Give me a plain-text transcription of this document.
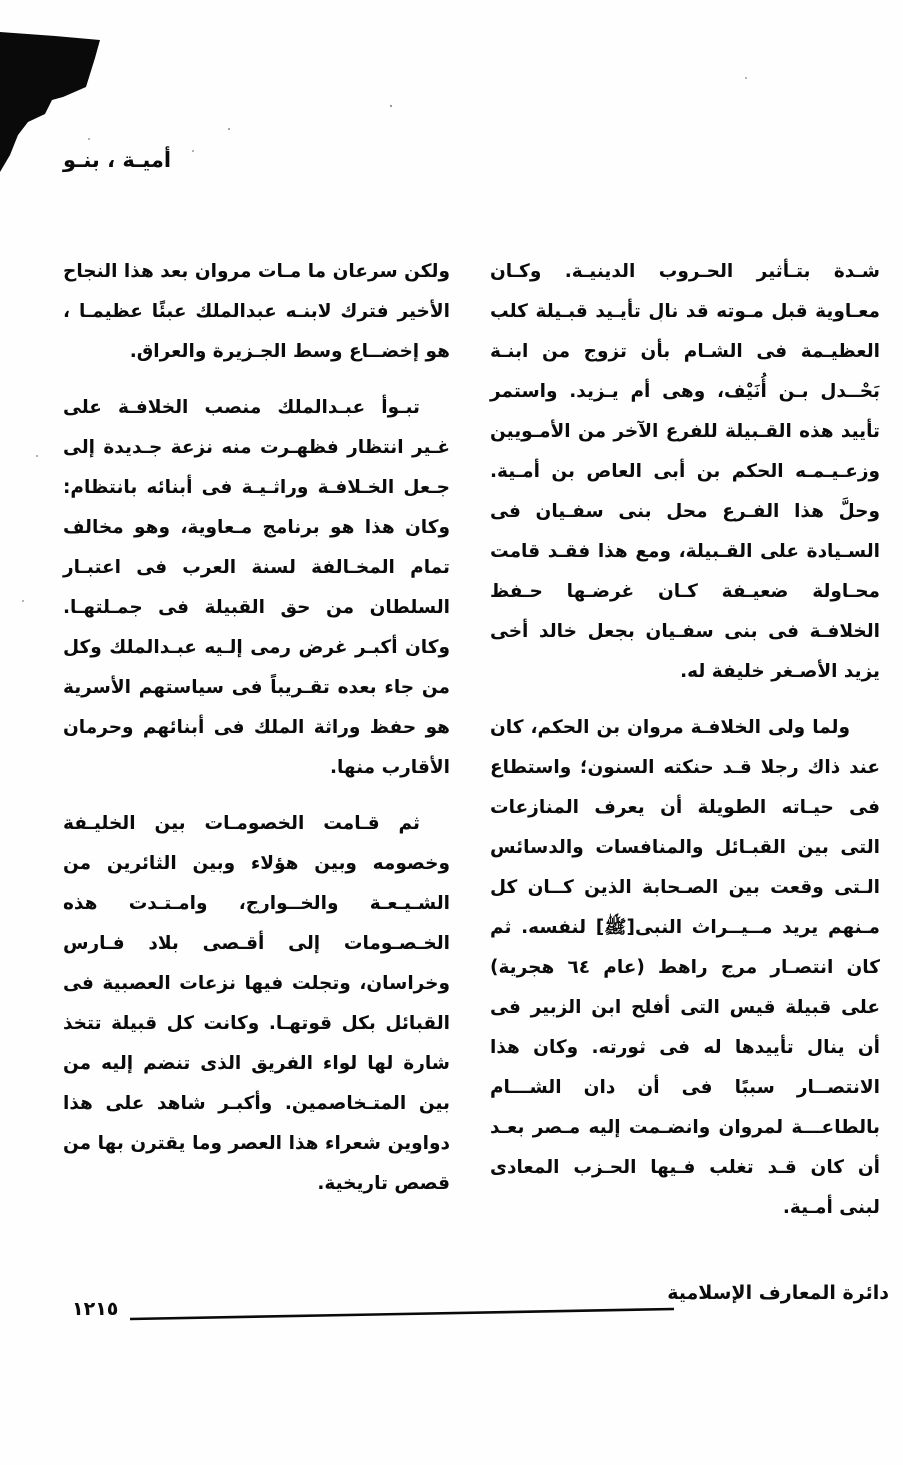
أميـة ، بنـو

شـدة بتـأثير الحـروب الدينيـة. وكـان معـاوية قبل مـوته قد نال تأيـيد قبـيلة كلب العظيـمة فى الشـام بأن تزوج من ابنـة بَحْــدل بـن أُنَيْف، وهى أم يـزيد. واستمر تأييد هذه القـبيلة للفرع الآخر من الأمـويين وزعـيـمـه الحكم بن أبى العاص بن أمـية. وحلَّ هذا الفـرع محل بنى سفـيان فى السـيادة على القـبيلة، ومع هذا فقـد قامت محـاولة ضعيـفة كـان غرضـها حـفظ الخلافـة فى بنى سفـيان بجعل خالد أخى يزيد الأصـغر خليفة له.

ولما ولى الخلافـة مروان بن الحكم، كان عند ذاك رجلا قـد حنكته السنون؛ واستطاع فى حيـاته الطويلة أن يعرف المنازعات التى بين القبـائل والمنافسات والدسائس الـتى وقعت بين الصـحابة الذين كــان كل مـنهم يريد مــيــراث النبى[ﷺ] لنفسه. ثم كان انتصـار مرج راهط (عام ٦٤ هجرية) على قبيلة قيس التى أفلح ابن الزبير فى أن ينال تأييدها له فى ثورته. وكان هذا الانتصــار سببًا فى أن دان الشـــام بالطاعـــة لمروان وانضـمت إليه مـصر بعـد أن كان قـد تغلب فـيها الحـزب المعادى لبنى أمـية.

ولكن سرعان ما مـات مروان بعد هذا النجاح الأخير فترك لابنـه عبدالملك عبئًا عظيمـا ، هو إخضــاع وسط الجـزيرة والعراق.

تبـوأ عبـدالملك منصب الخلافـة على غـير انتظار فظهـرت منه نزعة جـديدة إلى جـعل الخـلافـة وراثـيـة فى أبنائه بانتظام: وكان هذا هو برنامج مـعاوية، وهو مخالف تمام المخـالفة لسنة العرب فى اعتبـار السلطان من حق القبيلة فى جمـلتهـا. وكان أكبـر غرض رمى إلـيه عبـدالملك وكل من جاء بعده تقـريباً فى سياستهم الأسرية هو حفظ وراثة الملك فى أبنائهم وحرمان الأقارب منها.

ثم قـامت الخصومـات بين الخليـفة وخصومه وبين هؤلاء وبين الثائرين من الشـيـعـة والخــوارج، وامـتـدت هذه الخـصـومات إلى أقـصى بلاد فـارس وخراسان، وتجلت فيها نزعات العصبية فى القبائل بكل قوتهـا. وكانت كل قبيلة تتخذ شارة لها لواء الفريق الذى تنضم إليه من بين المتـخاصمين. وأكبـر شاهد على هذا دواوين شعراء هذا العصر وما يقترن بها من قصص تاريخية.

دائرة المعارف الإسلامية
١٢١٥
